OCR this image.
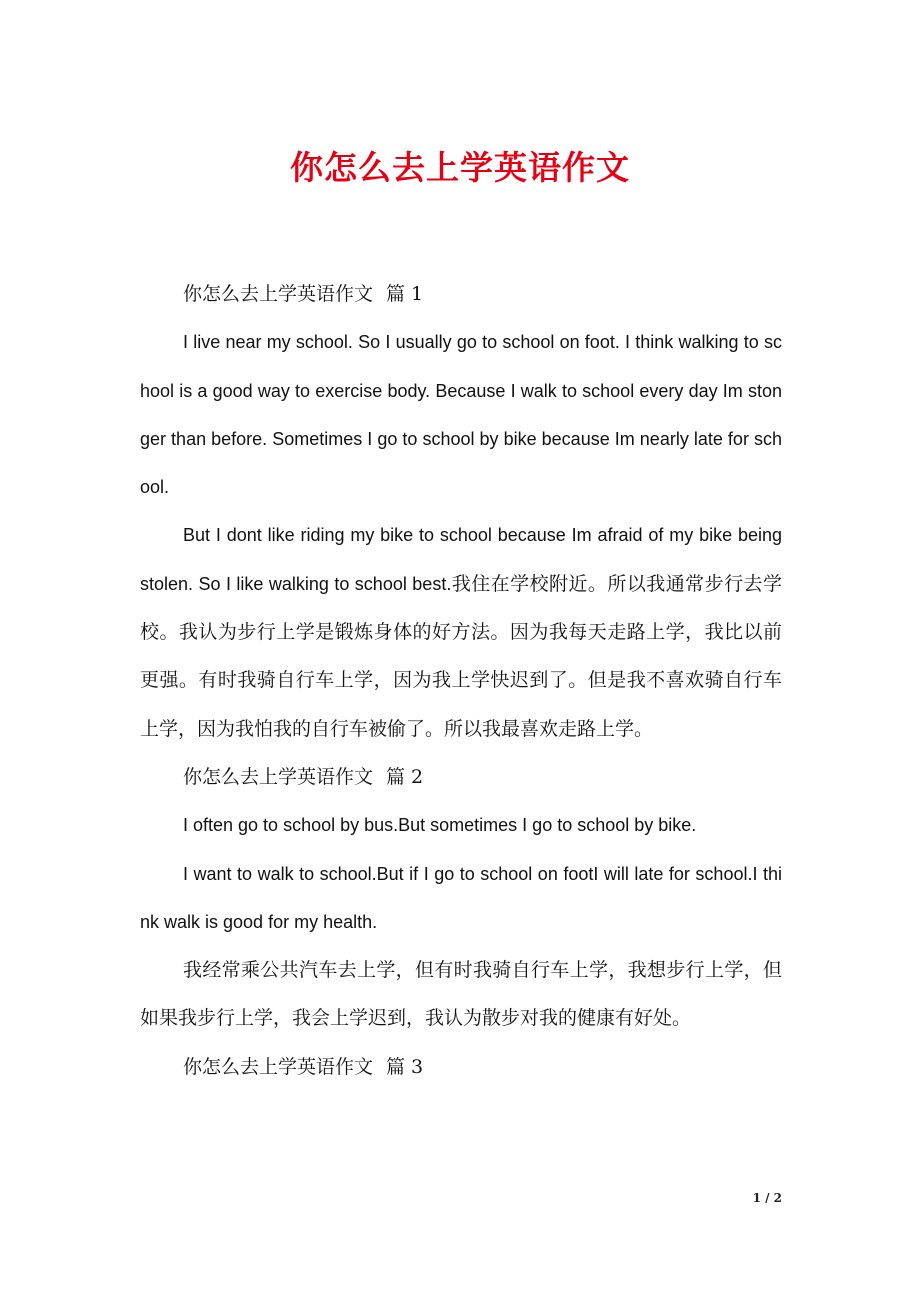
你怎么去上学英语作文

你怎么去上学英语作文 篇 1

I live near my school. So I usually go to school on foot. I think walking to school is a good way to exercise body. Because I walk to school every day Im stonger than before. Sometimes I go to school by bike because Im nearly late for school.

But I dont like riding my bike to school because Im afraid of my bike being stolen. So I like walking to school best.我住在学校附近。所以我通常步行去学校。我认为步行上学是锻炼身体的好方法。因为我每天走路上学，我比以前更强。有时我骑自行车上学，因为我上学快迟到了。但是我不喜欢骑自行车上学，因为我怕我的自行车被偷了。所以我最喜欢走路上学。

你怎么去上学英语作文 篇 2

I often go to school by bus.But sometimes I go to school by bike.

I want to walk to school.But if I go to school on footI will late for school.I think walk is good for my health.

我经常乘公共汽车去上学，但有时我骑自行车上学，我想步行上学，但如果我步行上学，我会上学迟到，我认为散步对我的健康有好处。

你怎么去上学英语作文 篇 3

1 / 2
